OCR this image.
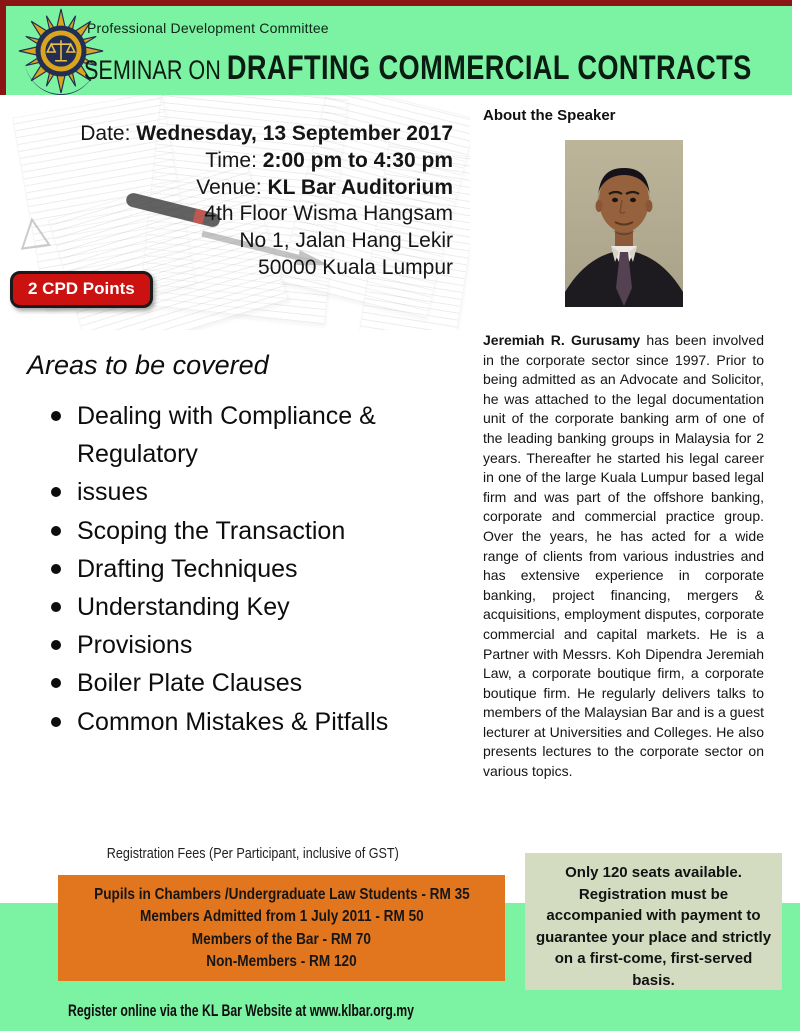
Professional Development Committee
SEMINAR ON DRAFTING COMMERCIAL CONTRACTS
△
Date: Wednesday, 13 September 2017
Time: 2:00 pm to 4:30 pm
Venue: KL Bar Auditorium
4th Floor Wisma Hangsam
No 1, Jalan Hang Lekir
50000 Kuala Lumpur
2 CPD Points
Areas to be covered
Dealing with Compliance & Regulatory
issues
Scoping the Transaction
Drafting Techniques
Understanding Key
Provisions
Boiler Plate Clauses
Common Mistakes & Pitfalls
About the Speaker

Jeremiah R. Gurusamy has been involved in the corporate sector since 1997. Prior to being admitted as an Advocate and Solicitor, he was attached to the legal documentation unit of the corporate banking arm of one of the leading banking groups in Malaysia for 2 years. Thereafter he started his legal career in one of the large Kuala Lumpur based legal firm and was part of the offshore banking, corporate and commercial practice group. Over the years, he has acted for a wide range of clients from various industries and has extensive experience in corporate banking, project financing, mergers & acquisitions, employment disputes, corporate commercial and capital markets. He is a Partner with Messrs. Koh Dipendra Jeremiah Law, a corporate boutique firm, a corporate boutique firm. He regularly delivers talks to members of the Malaysian Bar and is a guest lecturer at Universities and Colleges. He also presents lectures to the corporate sector on various topics.

Registration Fees (Per Participant, inclusive of GST)
Pupils in Chambers /Undergraduate Law Students - RM 35
Members Admitted from 1 July 2011 - RM 50
Members of the Bar - RM 70
Non-Members - RM 120
Only 120 seats available. Registration must be accompanied with payment to guarantee your place and strictly on a first-come, first-served basis.
Register online via the KL Bar Website at www.klbar.org.my
